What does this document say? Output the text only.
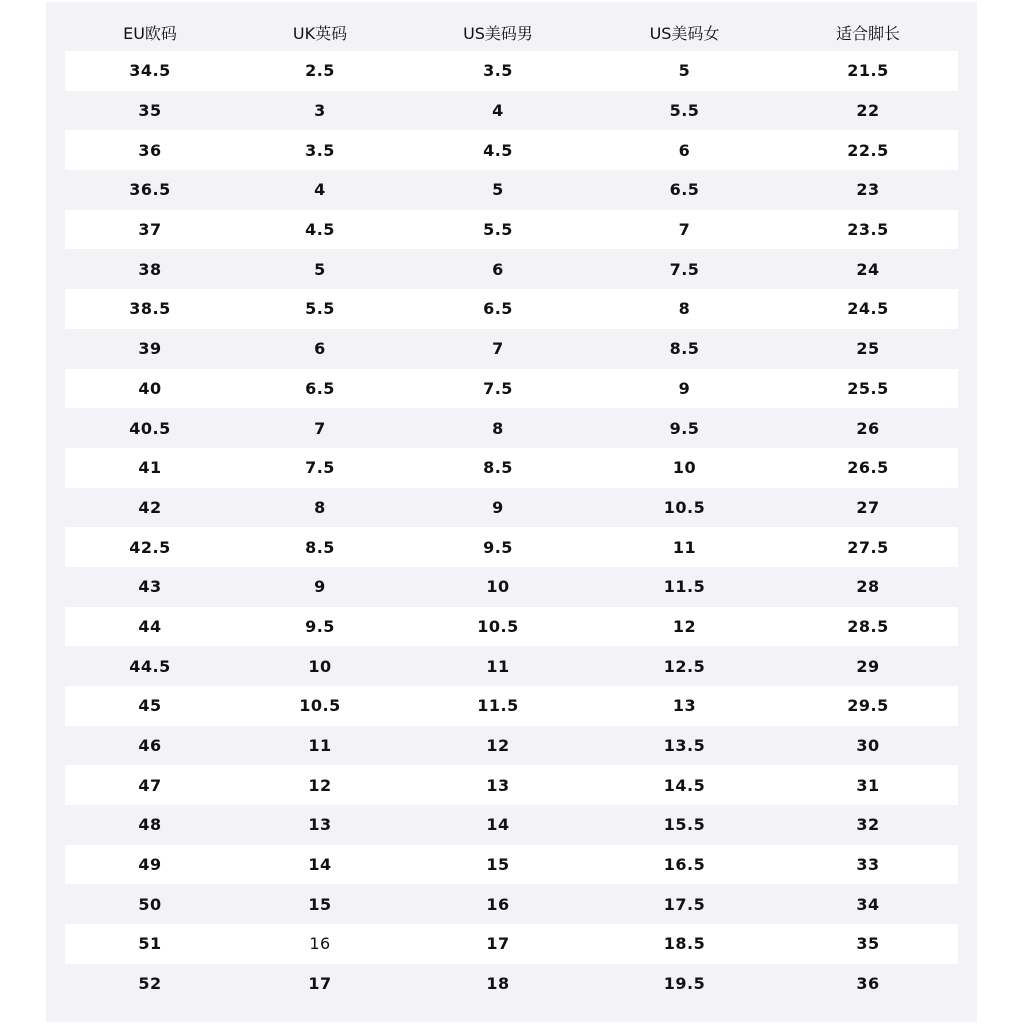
EU欧码	UK英码	US美码男	US美码女	适合脚长
34.5	2.5	3.5	5	21.5
35	3	4	5.5	22
36	3.5	4.5	6	22.5
36.5	4	5	6.5	23
37	4.5	5.5	7	23.5
38	5	6	7.5	24
38.5	5.5	6.5	8	24.5
39	6	7	8.5	25
40	6.5	7.5	9	25.5
40.5	7	8	9.5	26
41	7.5	8.5	10	26.5
42	8	9	10.5	27
42.5	8.5	9.5	11	27.5
43	9	10	11.5	28
44	9.5	10.5	12	28.5
44.5	10	11	12.5	29
45	10.5	11.5	13	29.5
46	11	12	13.5	30
47	12	13	14.5	31
48	13	14	15.5	32
49	14	15	16.5	33
50	15	16	17.5	34
51	16	17	18.5	35
52	17	18	19.5	36
